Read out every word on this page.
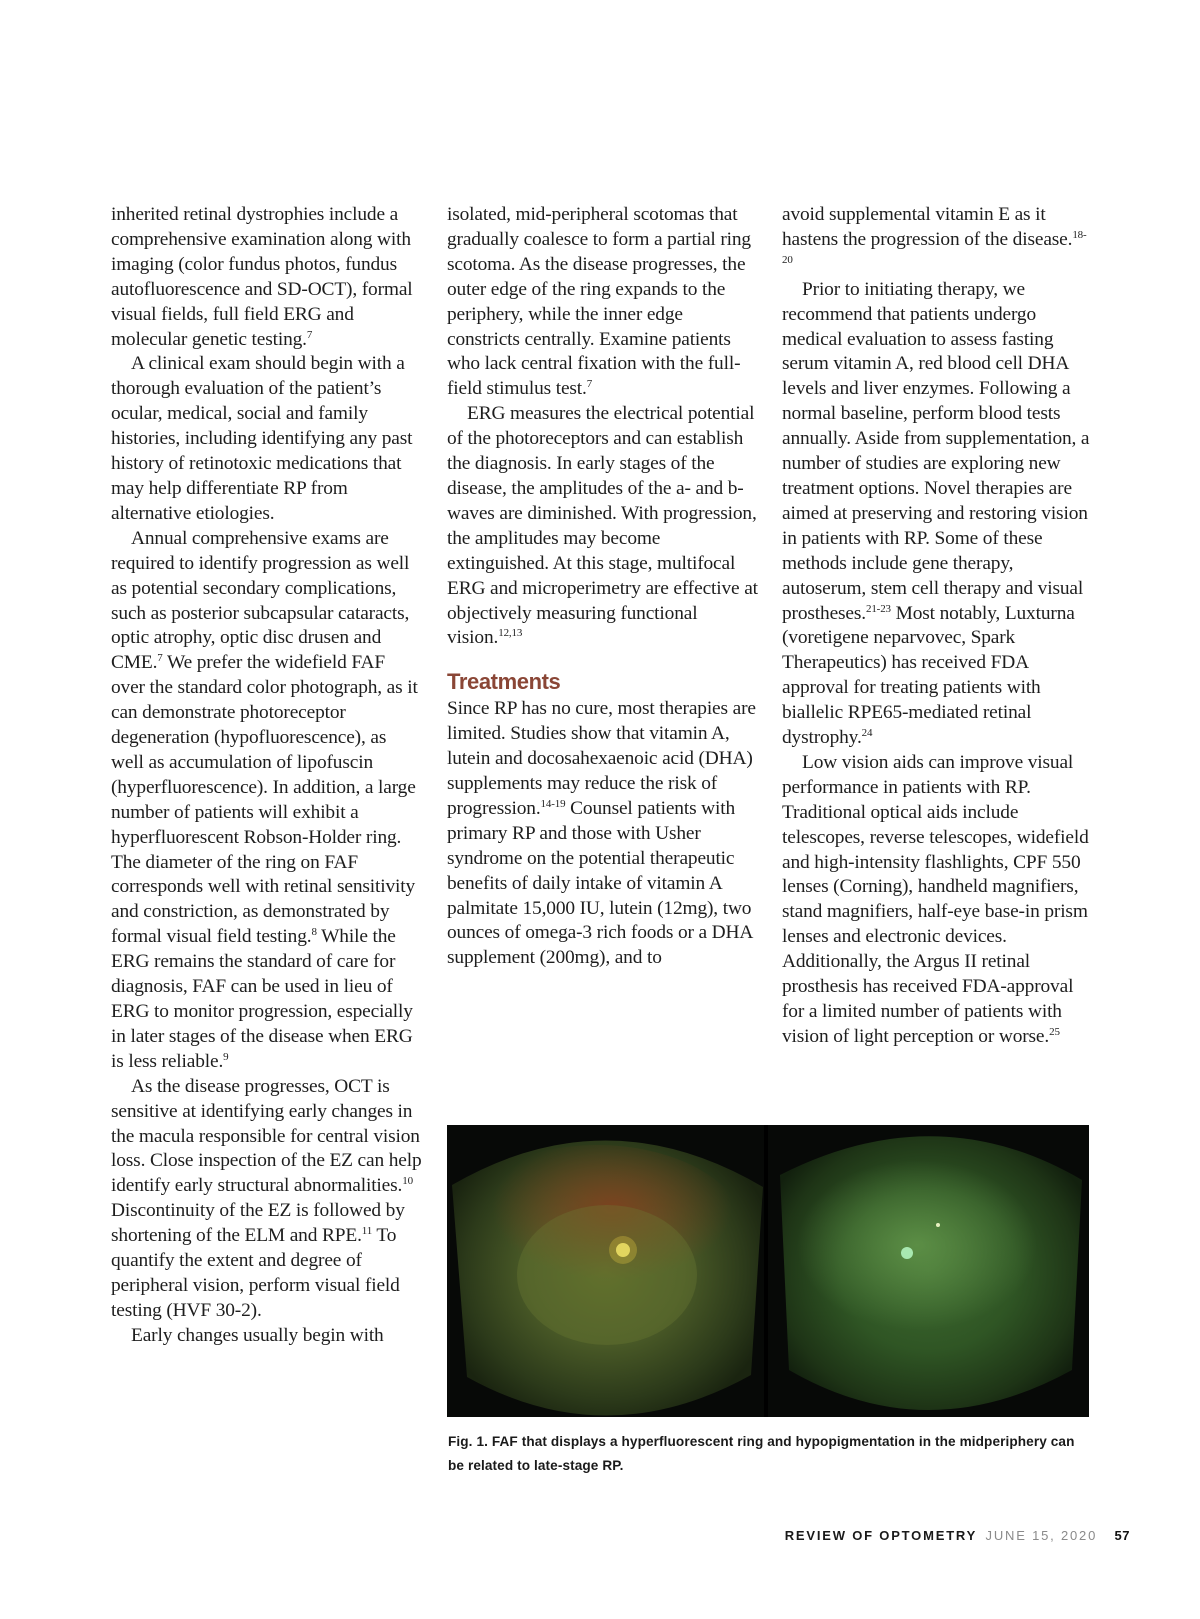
inherited retinal dystrophies include a comprehensive examination along with imaging (color fundus photos, fundus autofluorescence and SD-OCT), formal visual fields, full field ERG and molecular genetic testing.$^7$

A clinical exam should begin with a thorough evaluation of the patient’s ocular, medical, social and family histories, including identifying any past history of retinotoxic medications that may help differentiate RP from alternative etiologies.

Annual comprehensive exams are required to identify progression as well as potential secondary complications, such as posterior subcapsular cataracts, optic atrophy, optic disc drusen and CME.$^7$ We prefer the widefield FAF over the standard color photograph, as it can demonstrate photoreceptor degeneration (hypofluorescence), as well as accumulation of lipofuscin (hyperfluorescence). In addition, a large number of patients will exhibit a hyperfluorescent Robson-Holder ring. The diameter of the ring on FAF corresponds well with retinal sensitivity and constriction, as demonstrated by formal visual field testing.$^8$ While the ERG remains the standard of care for diagnosis, FAF can be used in lieu of ERG to monitor progression, especially in later stages of the disease when ERG is less reliable.$^9$

As the disease progresses, OCT is sensitive at identifying early changes in the macula responsible for central vision loss. Close inspection of the EZ can help identify early structural abnormalities.$^{10}$ Discontinuity of the EZ is followed by shortening of the ELM and RPE.$^{11}$ To quantify the extent and degree of peripheral vision, perform visual field testing (HVF 30-2).

Early changes usually begin with

isolated, mid-peripheral scotomas that gradually coalesce to form a partial ring scotoma. As the disease progresses, the outer edge of the ring expands to the periphery, while the inner edge constricts centrally. Examine patients who lack central fixation with the full-field stimulus test.$^7$

ERG measures the electrical potential of the photoreceptors and can establish the diagnosis. In early stages of the disease, the amplitudes of the a- and b-waves are diminished. With progression, the amplitudes may become extinguished. At this stage, multifocal ERG and microperimetry are effective at objectively measuring functional vision.$^{12,13}$

Treatments

Since RP has no cure, most therapies are limited. Studies show that vitamin A, lutein and docosahexaenoic acid (DHA) supplements may reduce the risk of progression.$^{14-19}$ Counsel patients with primary RP and those with Usher syndrome on the potential therapeutic benefits of daily intake of vitamin A palmitate 15,000 IU, lutein (12mg), two ounces of omega-3 rich foods or a DHA supplement (200mg), and to

avoid supplemental vitamin E as it hastens the progression of the disease.$^{18-20}$

Prior to initiating therapy, we recommend that patients undergo medical evaluation to assess fasting serum vitamin A, red blood cell DHA levels and liver enzymes. Following a normal baseline, perform blood tests annually. Aside from supplementation, a number of studies are exploring new treatment options. Novel therapies are aimed at preserving and restoring vision in patients with RP. Some of these methods include gene therapy, autoserum, stem cell therapy and visual prostheses.$^{21-23}$ Most notably, Luxturna (voretigene neparvovec, Spark Therapeutics) has received FDA approval for treating patients with biallelic RPE65-mediated retinal dystrophy.$^{24}$

Low vision aids can improve visual performance in patients with RP. Traditional optical aids include telescopes, reverse telescopes, widefield and high-intensity flashlights, CPF 550 lenses (Corning), handheld magnifiers, stand magnifiers, half-eye base-in prism lenses and electronic devices. Additionally, the Argus II retinal prosthesis has received FDA-approval for a limited number of patients with vision of light perception or worse.$^{25}$

Fig. 1. FAF that displays a hyperfluorescent ring and hypopigmentation in the midperiphery can be related to late-stage RP.
REVIEW OF OPTOMETRY JUNE 15, 2020 57
